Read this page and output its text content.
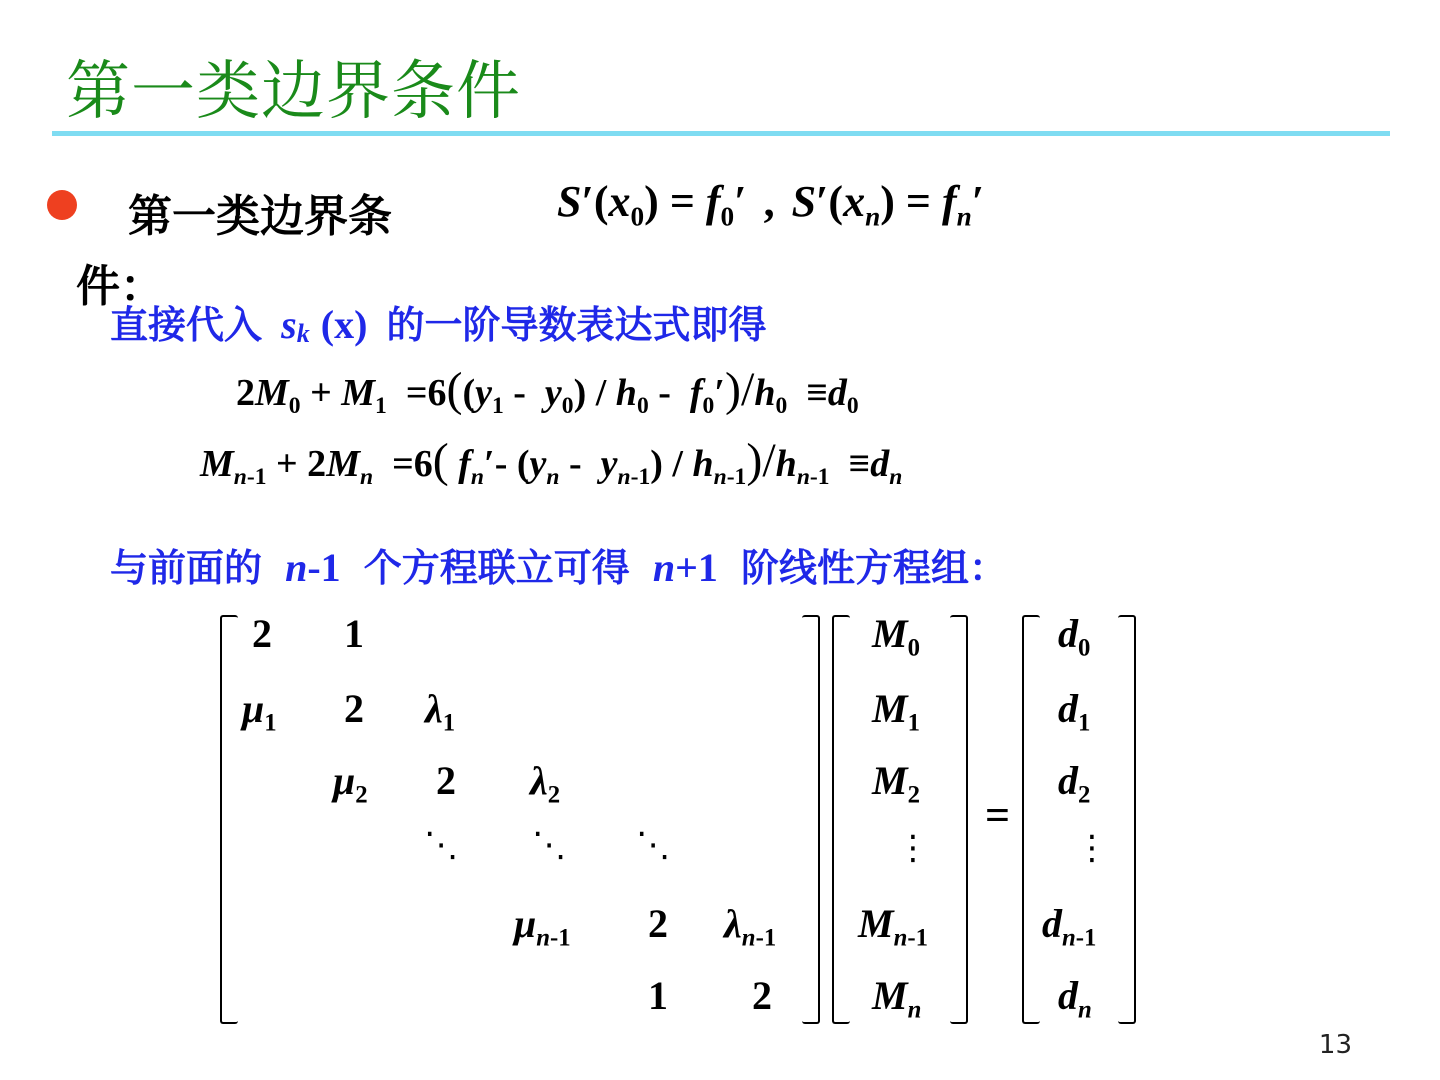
第一类边界条件
第一类边界条
件：
$S'(x_0) = f_0'$ , $S'(x_n) = f_n'$
直接代入 $s_k$ (x) 的一阶导数表达式即得
$2M_0 + M_1 =6((y_1 - y_0) / h_0 - f_0')/h_0 \equiv d_0$
$M_{n-1} + 2M_n =6$( $f_n'-$ $(y_n - y_{n-1}) / h_{n-1})/h_{n-1} \equiv d_n$
与前面的 n-1 个方程联立可得 n+1 阶线性方程组：
2 1
$\mu_1$ 2 $\lambda_1$
$\mu_2$ 2 $\lambda_2$
⋱ ⋱ ⋱
$\mu_{n-1}$ 2 $\lambda_{n-1}$
1 2
$M_0$
$M_1$
$M_2$
⋮
$M_{n-1}$
$M_n$
=
$d_0$
$d_1$
$d_2$
⋮
$d_{n-1}$
$d_n$
13
